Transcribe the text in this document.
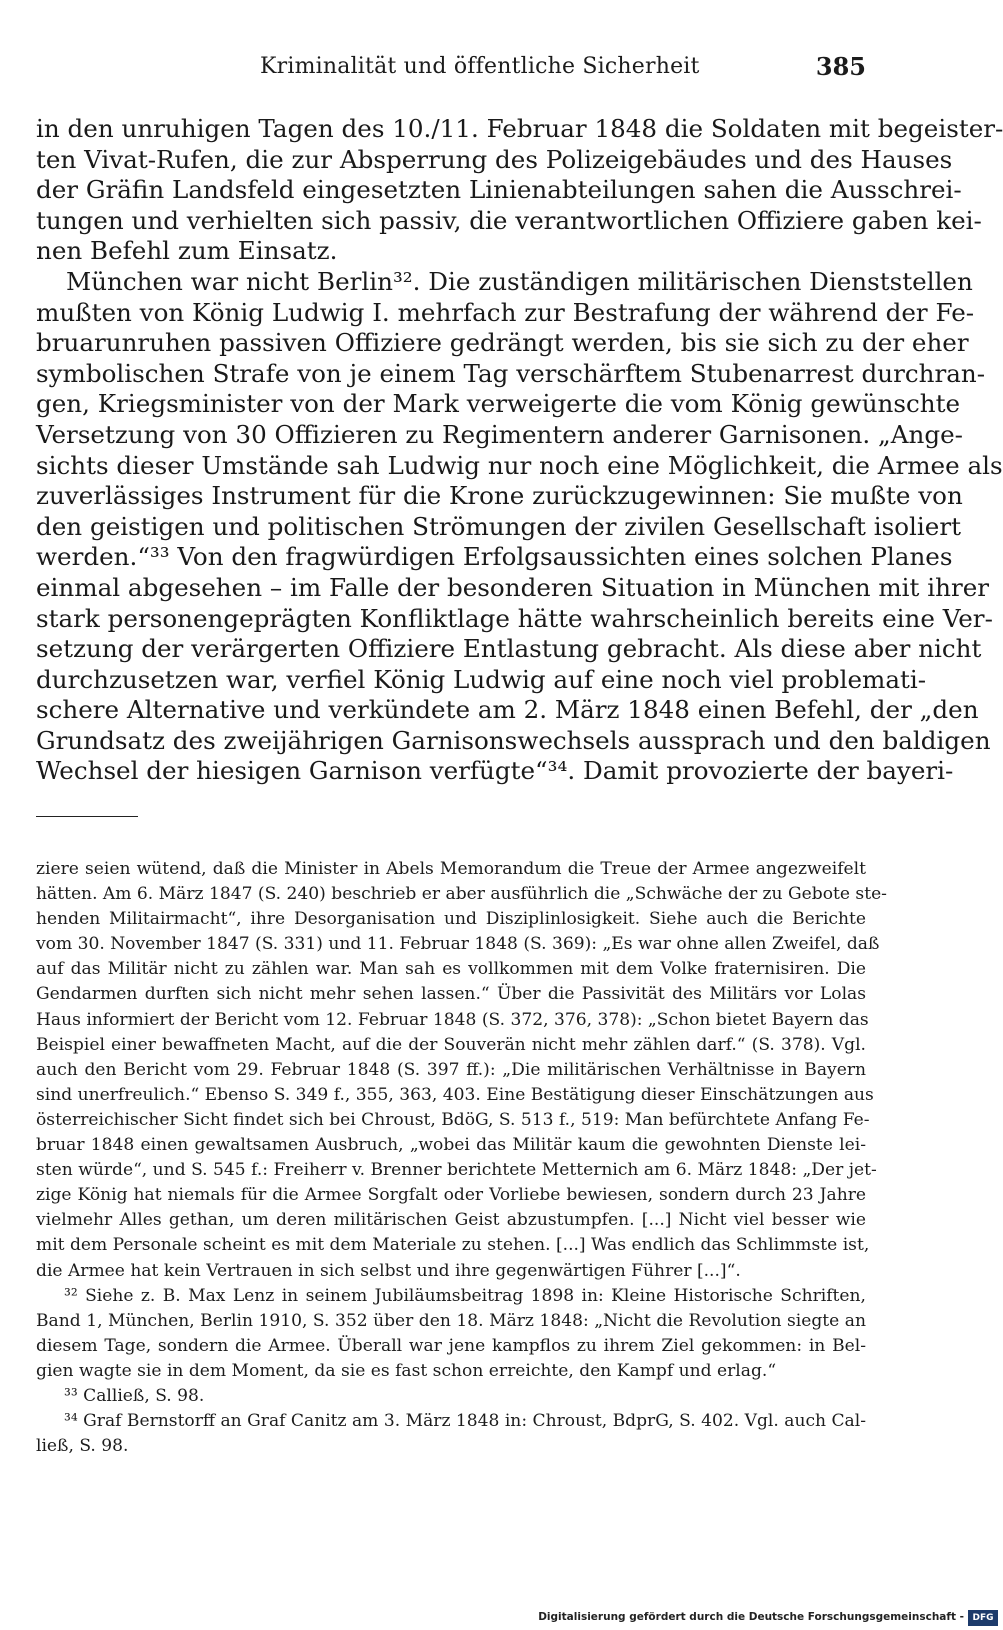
Kriminalität und öffentliche Sicherheit	385
in den unruhigen Tagen des 10./11. Februar 1848 die Soldaten mit begeister-
ten Vivat-Rufen, die zur Absperrung des Polizeigebäudes und des Hauses
der Gräfin Landsfeld eingesetzten Linienabteilungen sahen die Ausschrei-
tungen und verhielten sich passiv, die verantwortlichen Offiziere gaben kei-
nen Befehl zum Einsatz.
München war nicht Berlin³². Die zuständigen militärischen Dienststellen
mußten von König Ludwig I. mehrfach zur Bestrafung der während der Fe-
bruarunruhen passiven Offiziere gedrängt werden, bis sie sich zu der eher
symbolischen Strafe von je einem Tag verschärftem Stubenarrest durchran-
gen, Kriegsminister von der Mark verweigerte die vom König gewünschte
Versetzung von 30 Offizieren zu Regimentern anderer Garnisonen. „Ange-
sichts dieser Umstände sah Ludwig nur noch eine Möglichkeit, die Armee als
zuverlässiges Instrument für die Krone zurückzugewinnen: Sie mußte von
den geistigen und politischen Strömungen der zivilen Gesellschaft isoliert
werden.“³³ Von den fragwürdigen Erfolgsaussichten eines solchen Planes
einmal abgesehen – im Falle der besonderen Situation in München mit ihrer
stark personengeprägten Konfliktlage hätte wahrscheinlich bereits eine Ver-
setzung der verärgerten Offiziere Entlastung gebracht. Als diese aber nicht
durchzusetzen war, verfiel König Ludwig auf eine noch viel problemati-
schere Alternative und verkündete am 2. März 1848 einen Befehl, der „den
Grundsatz des zweijährigen Garnisonswechsels aussprach und den baldigen
Wechsel der hiesigen Garnison verfügte“³⁴. Damit provozierte der bayeri-
ziere seien wütend, daß die Minister in Abels Memorandum die Treue der Armee angezweifelt
hätten. Am 6. März 1847 (S. 240) beschrieb er aber ausführlich die „Schwäche der zu Gebote ste-
henden Militairmacht“, ihre Desorganisation und Disziplinlosigkeit. Siehe auch die Berichte
vom 30. November 1847 (S. 331) und 11. Februar 1848 (S. 369): „Es war ohne allen Zweifel, daß
auf das Militär nicht zu zählen war. Man sah es vollkommen mit dem Volke fraternisiren. Die
Gendarmen durften sich nicht mehr sehen lassen.“ Über die Passivität des Militärs vor Lolas
Haus informiert der Bericht vom 12. Februar 1848 (S. 372, 376, 378): „Schon bietet Bayern das
Beispiel einer bewaffneten Macht, auf die der Souverän nicht mehr zählen darf.“ (S. 378). Vgl.
auch den Bericht vom 29. Februar 1848 (S. 397 ff.): „Die militärischen Verhältnisse in Bayern
sind unerfreulich.“ Ebenso S. 349 f., 355, 363, 403. Eine Bestätigung dieser Einschätzungen aus
österreichischer Sicht findet sich bei Chroust, BdöG, S. 513 f., 519: Man befürchtete Anfang Fe-
bruar 1848 einen gewaltsamen Ausbruch, „wobei das Militär kaum die gewohnten Dienste lei-
sten würde“, und S. 545 f.: Freiherr v. Brenner berichtete Metternich am 6. März 1848: „Der jet-
zige König hat niemals für die Armee Sorgfalt oder Vorliebe bewiesen, sondern durch 23 Jahre
vielmehr Alles gethan, um deren militärischen Geist abzustumpfen. [...] Nicht viel besser wie
mit dem Personale scheint es mit dem Materiale zu stehen. [...] Was endlich das Schlimmste ist,
die Armee hat kein Vertrauen in sich selbst und ihre gegenwärtigen Führer [...]“.
³² Siehe z. B. Max Lenz in seinem Jubiläumsbeitrag 1898 in: Kleine Historische Schriften,
Band 1, München, Berlin 1910, S. 352 über den 18. März 1848: „Nicht die Revolution siegte an
diesem Tage, sondern die Armee. Überall war jene kampflos zu ihrem Ziel gekommen: in Bel-
gien wagte sie in dem Moment, da sie es fast schon erreichte, den Kampf und erlag.“
³³ Calließ, S. 98.
³⁴ Graf Bernstorff an Graf Canitz am 3. März 1848 in: Chroust, BdprG, S. 402. Vgl. auch Cal-
ließ, S. 98.
Digitalisierung gefördert durch die Deutsche Forschungsgemeinschaft - DFG
